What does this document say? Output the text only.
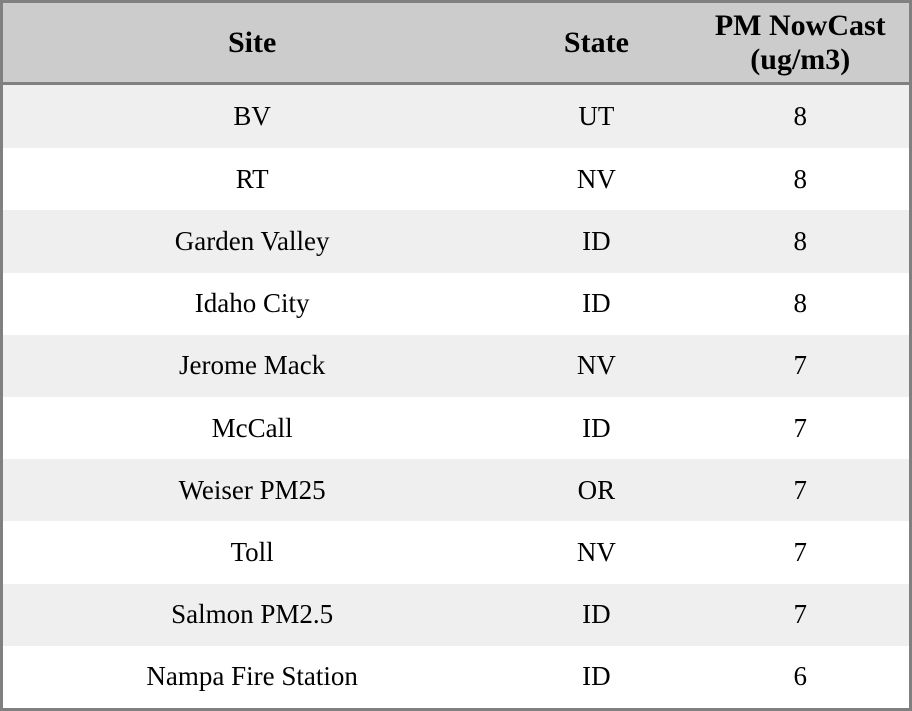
Site	State	PM NowCast (ug/m3)
BV	UT	8
RT	NV	8
Garden Valley	ID	8
Idaho City	ID	8
Jerome Mack	NV	7
McCall	ID	7
Weiser PM25	OR	7
Toll	NV	7
Salmon PM2.5	ID	7
Nampa Fire Station	ID	6
